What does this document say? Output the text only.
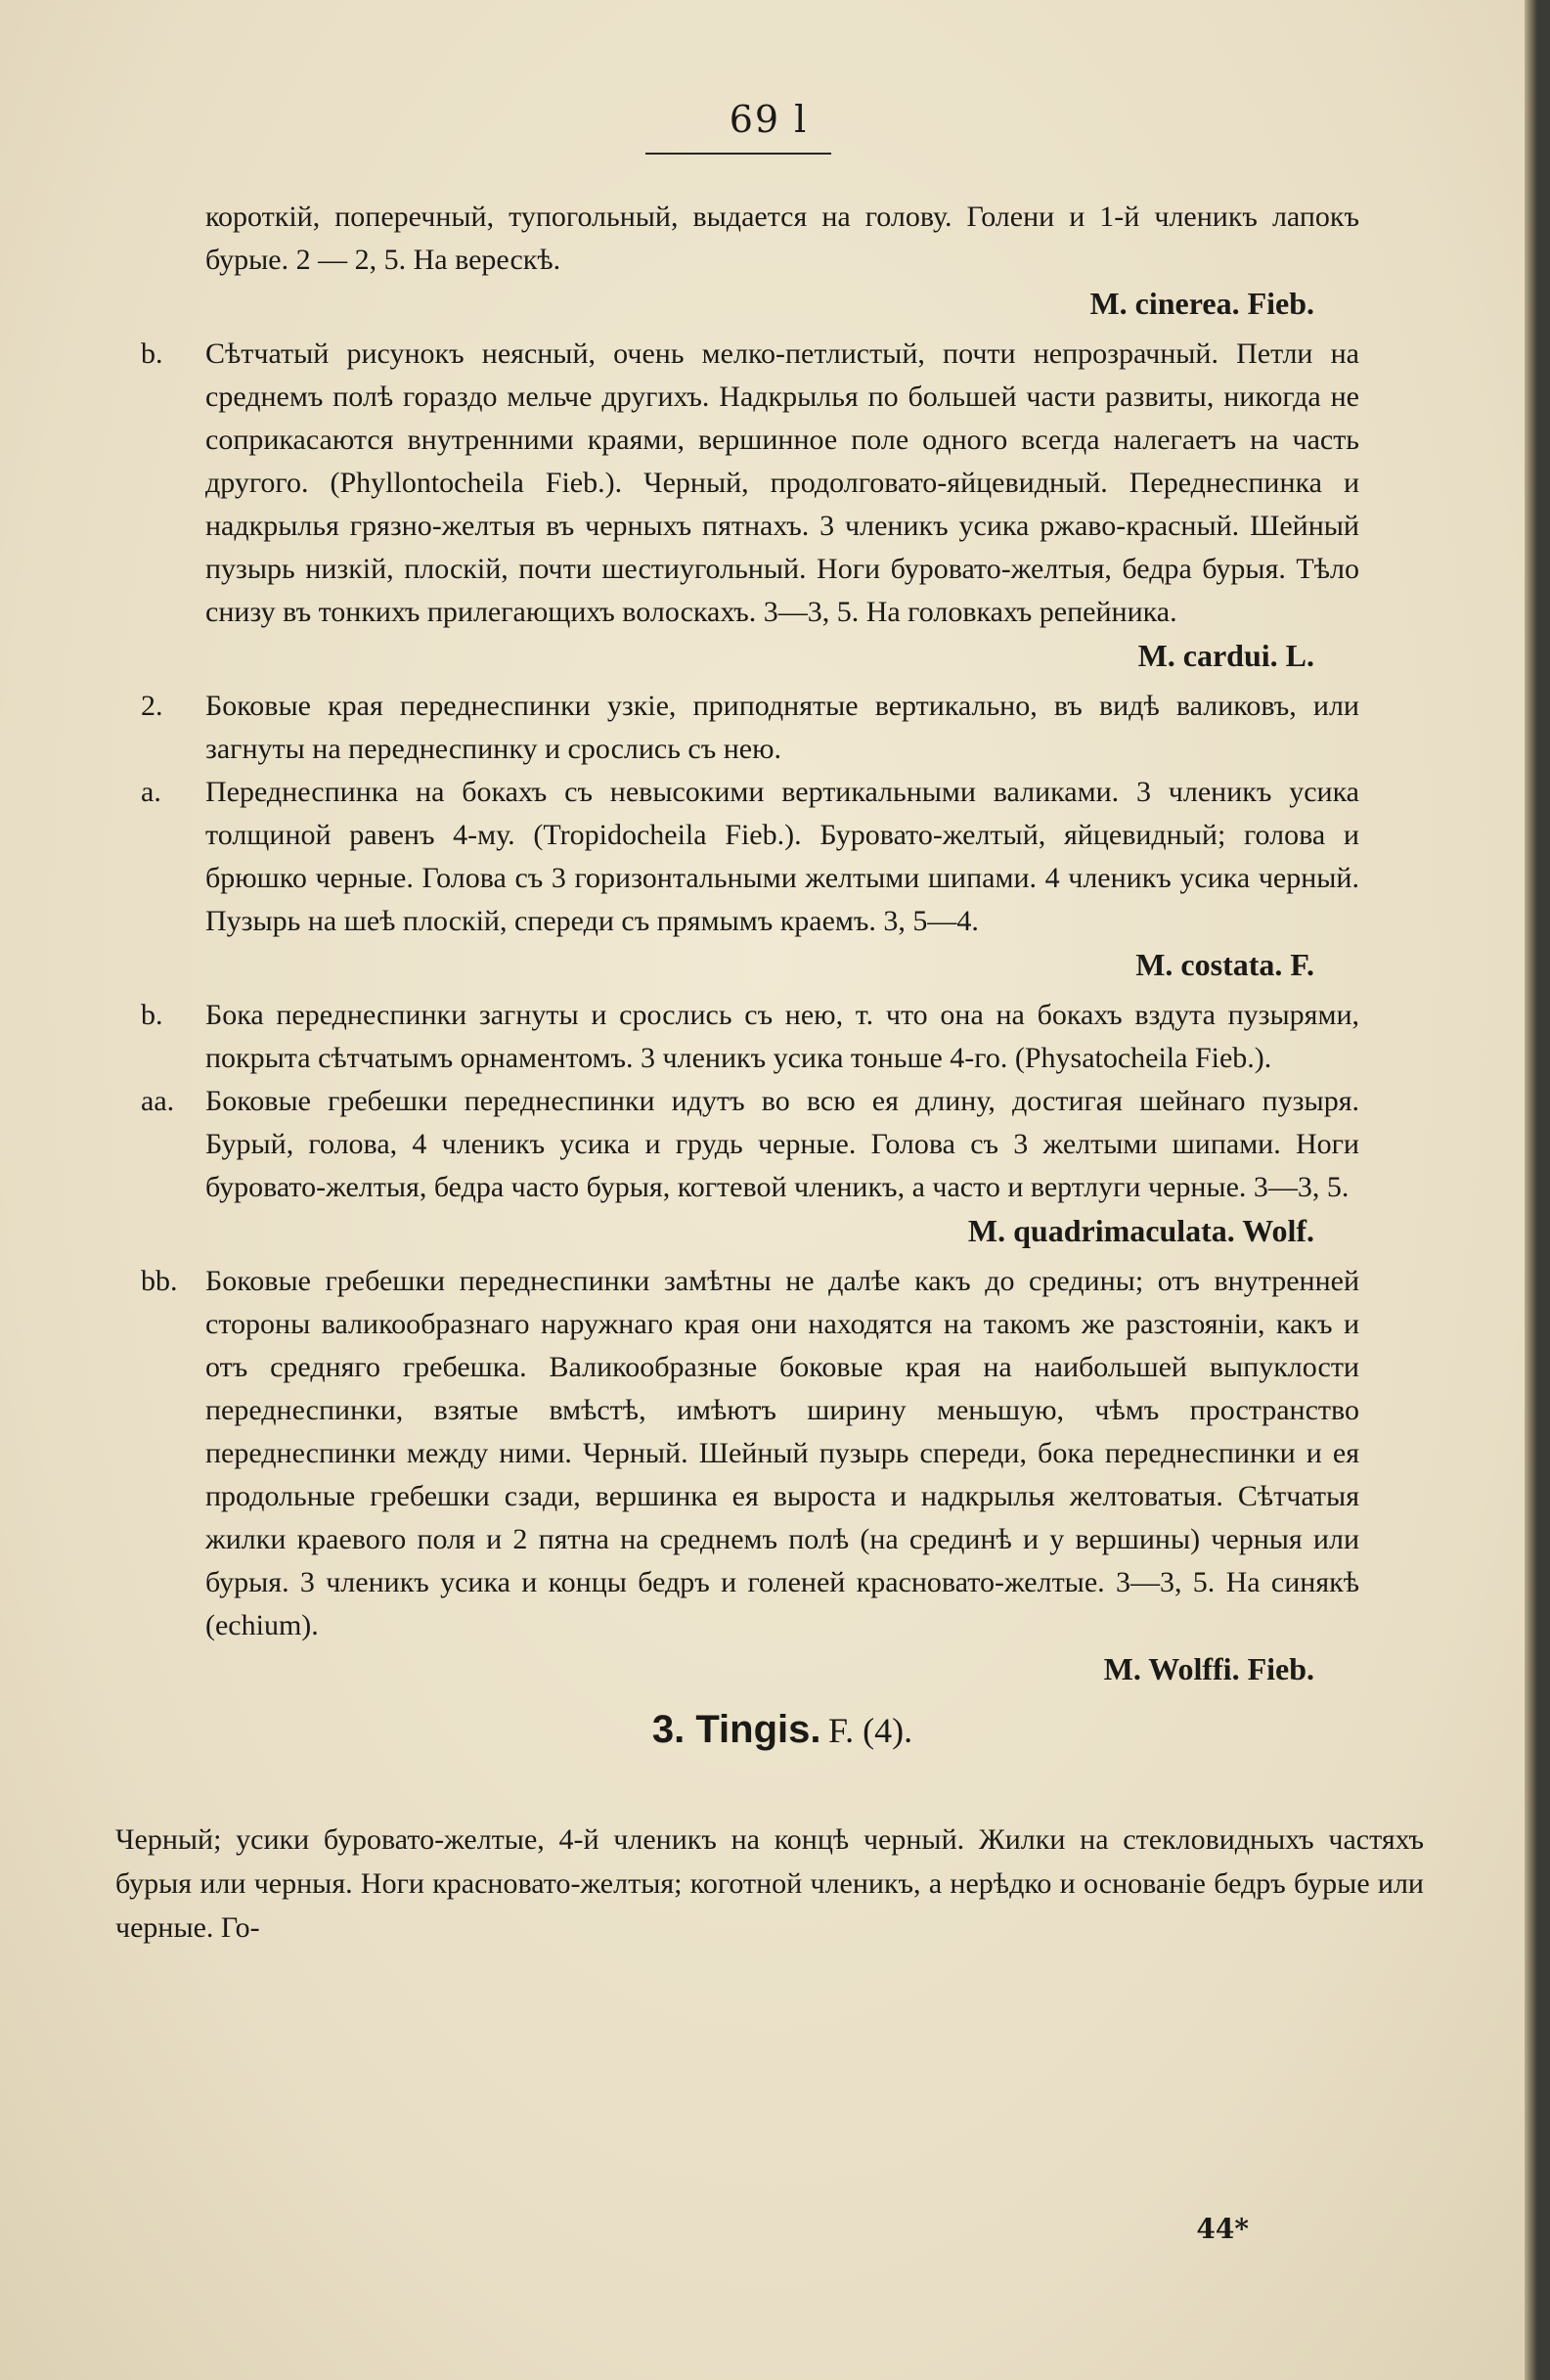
69 l

короткій, поперечный, тупогольный, выдается на голову. Голени и 1-й членикъ лапокъ бурые. 2 — 2, 5. На верескѣ.

M. cinerea. Fieb.

b.	Сѣтчатый рисунокъ неясный, очень мелко-петлистый, почти непрозрачный. Петли на среднемъ полѣ гораздо мельче другихъ. Надкрылья по большей части развиты, никогда не соприкасаются внутренними краями, вершинное поле одного всегда налегаетъ на часть другого. (Phyllontocheila Fieb.). Черный, продолговато-яйцевидный. Переднеспинка и надкрылья грязно-желтыя въ черныхъ пятнахъ. 3 членикъ усика ржаво-красный. Шейный пузырь низкій, плоскій, почти шестиугольный. Ноги буровато-желтыя, бедра бурыя. Тѣло снизу въ тонкихъ прилегающихъ волоскахъ. 3—3, 5. На головкахъ репейника.

M. cardui. L.

2.	Боковые края переднеспинки узкіе, приподнятые вертикально, въ видѣ валиковъ, или загнуты на переднеспинку и срослись съ нею.

a.	Переднеспинка на бокахъ съ невысокими вертикальными валиками. 3 членикъ усика толщиной равенъ 4-му. (Tropidocheila Fieb.). Буровато-желтый, яйцевидный; голова и брюшко черные. Голова съ 3 горизонтальными желтыми шипами. 4 членикъ усика черный. Пузырь на шеѣ плоскій, спереди съ прямымъ краемъ. 3, 5—4.

M. costata. F.

b.	Бока переднеспинки загнуты и срослись съ нею, т. что она на бокахъ вздута пузырями, покрыта сѣтчатымъ орнаментомъ. 3 членикъ усика тоньше 4-го. (Physatocheila Fieb.).

aa.	Боковые гребешки переднеспинки идутъ во всю ея длину, достигая шейнаго пузыря. Бурый, голова, 4 членикъ усика и грудь черные. Голова съ 3 желтыми шипами. Ноги буровато-желтыя, бедра часто бурыя, когтевой членикъ, а часто и вертлуги черные. 3—3, 5.

M. quadrimaculata. Wolf.

bb. Боковые гребешки переднеспинки замѣтны не далѣе какъ до средины; отъ внутренней стороны валикообразнаго наружнаго края они находятся на такомъ же разстояніи, какъ и отъ средняго гребешка. Валикообразные боковые края на наибольшей выпуклости переднеспинки, взятые вмѣстѣ, имѣютъ ширину меньшую, чѣмъ пространство переднеспинки между ними. Черный. Шейный пузырь спереди, бока переднеспинки и ея продольные гребешки сзади, вершинка ея выроста и надкрылья желтоватыя. Сѣтчатыя жилки краевого поля и 2 пятна на среднемъ полѣ (на срединѣ и у вершины) черныя или бурыя. 3 членикъ усика и концы бедръ и голеней красновато-желтые. 3—3, 5. На синякѣ (echium).

M. Wolffi. Fieb.

3. Tingis. F. (4).

Черный; усики буровато-желтые, 4-й членикъ на концѣ черный. Жилки на стекловидныхъ частяхъ бурыя или черныя. Ноги красновато-желтыя; коготной членикъ, а нерѣдко и основаніе бедръ бурые или черные. Го-

44*
